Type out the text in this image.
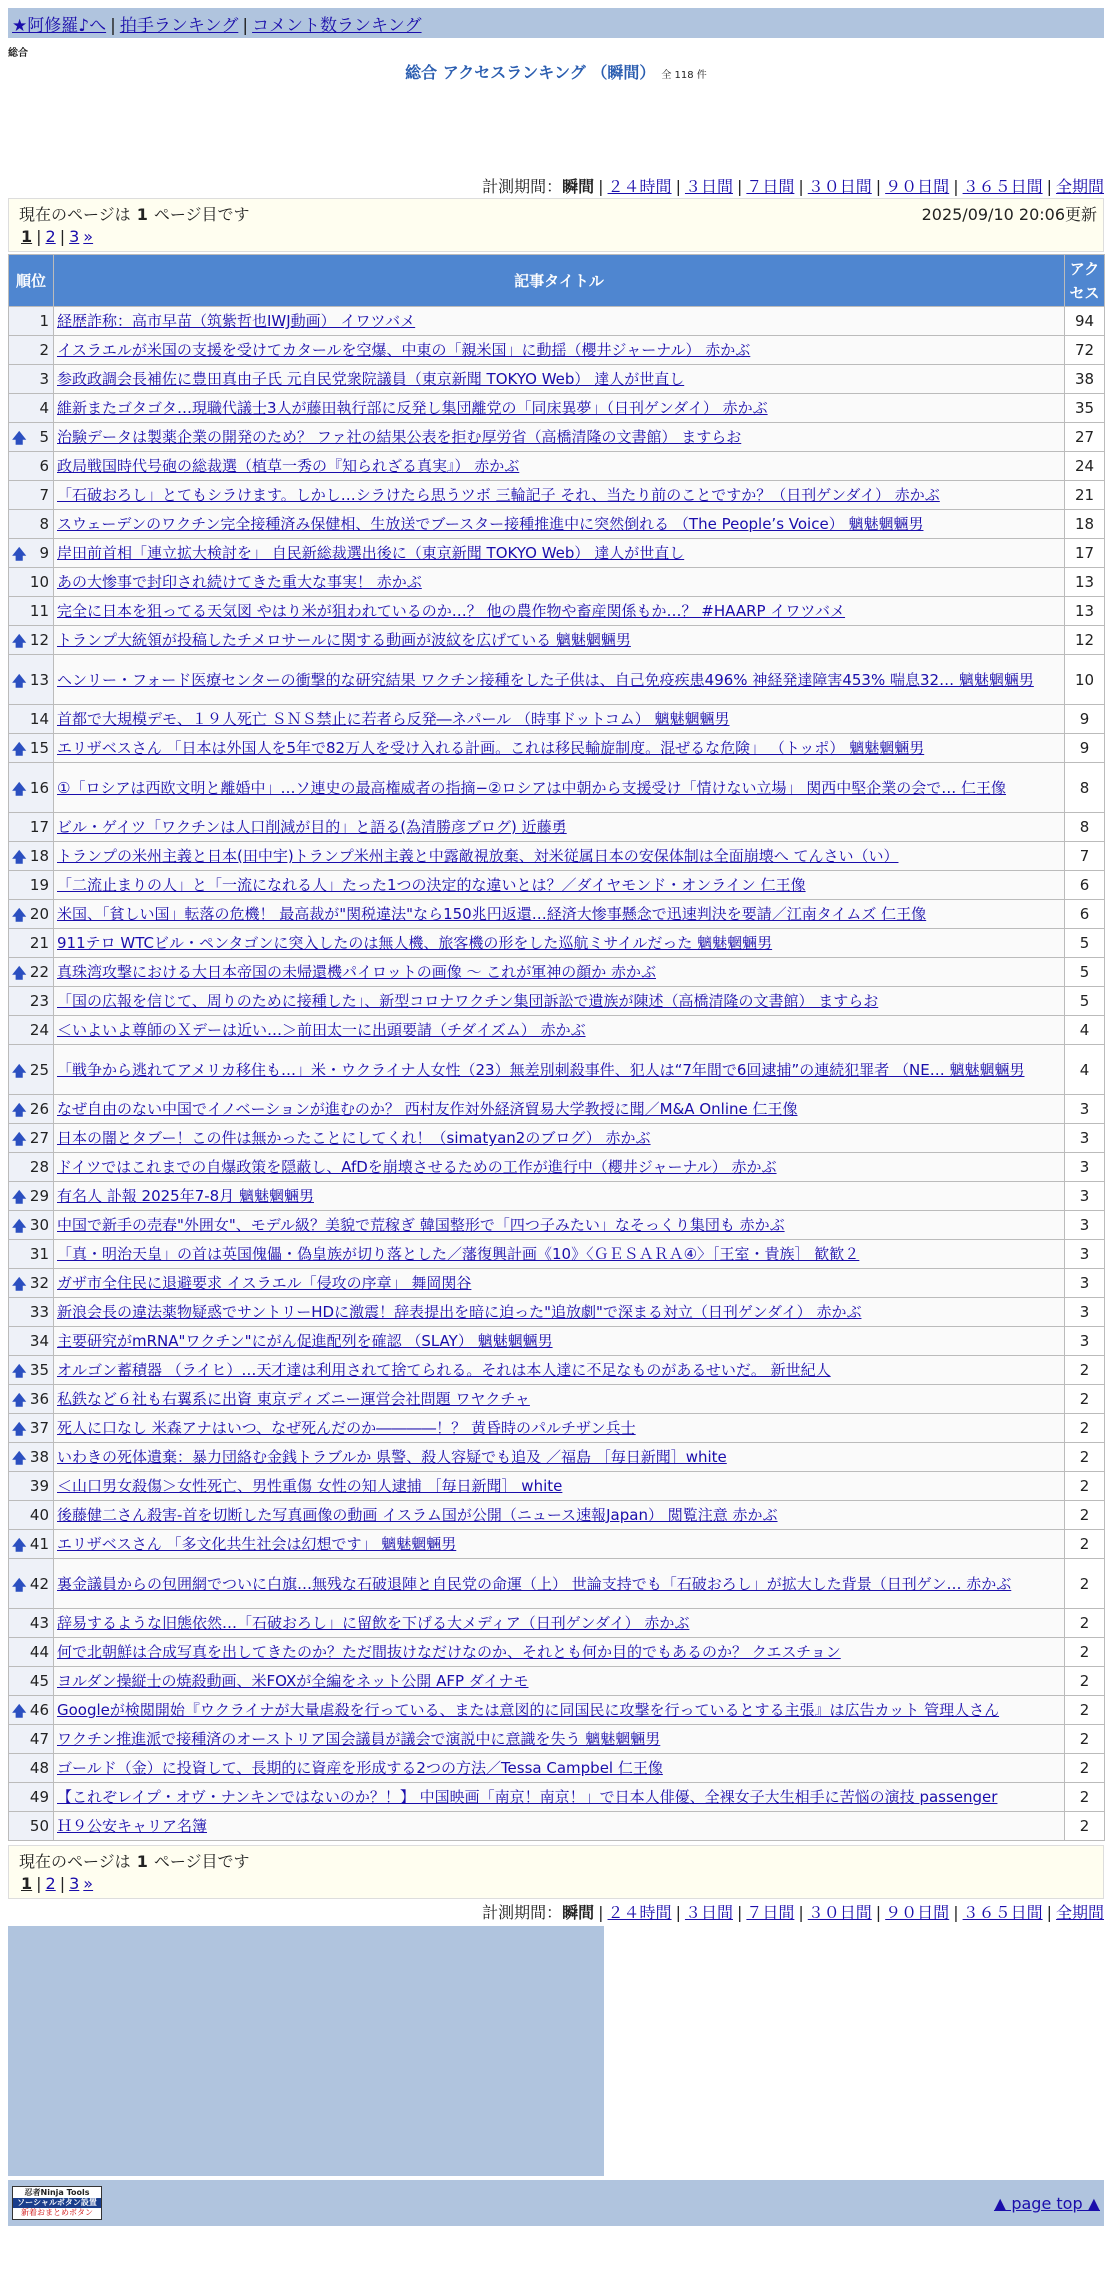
★阿修羅♪へ | 拍手ランキング | コメント数ランキング
総合
総合 アクセスランキング （瞬間） 全 118 件
計測期間：瞬間 | ２４時間 | ３日間 | ７日間 | ３０日間 | ９０日間 | ３６５日間 | 全期間
現在のページは 1 ページ目です	2025/09/10 20:06更新
1 | 2 | 3 »
順位	記事タイトル	アクセス
1	経歴詐称：高市早苗（筑紫哲也IWJ動画） イワツバメ	94
2	イスラエルが米国の支援を受けてカタールを空爆、中東の「親米国」に動揺（櫻井ジャーナル） 赤かぶ	72
3	参政政調会長補佐に豊田真由子氏 元自民党衆院議員（東京新聞 TOKYO Web） 達人が世直し	38
4	維新またゴタゴタ…現職代議士3人が藤田執行部に反発し集団離党の「同床異夢」（日刊ゲンダイ） 赤かぶ	35

🡅 5	治験データは製薬企業の開発のため？ ファ社の結果公表を拒む厚労省（高橋清隆の文書館） ますらお	27
6	政局戦国時代号砲の総裁選（植草一秀の『知られざる真実』） 赤かぶ	24
7	「石破おろし」とてもシラけます。しかし…シラけたら思うツボ 三輪記子 それ、当たり前のことですか？（日刊ゲンダイ） 赤かぶ	21
8	スウェーデンのワクチン完全接種済み保健相、生放送でブースター接種推進中に突然倒れる （The People’s Voice） 魑魅魍魎男	18

🡅 9	岸田前首相「連立拡大検討を」 自民新総裁選出後に（東京新聞 TOKYO Web） 達人が世直し	17
10	あの大惨事で封印され続けてきた重大な事実！ 赤かぶ	13
11	完全に日本を狙ってる天気図 やはり米が狙われているのか…？ 他の農作物や畜産関係もか…？ #HAARP イワツバメ	13

🡅 12	トランプ大統領が投稿したチメロサールに関する動画が波紋を広げている 魑魅魍魎男	12

🡅 13	ヘンリー・フォード医療センターの衝撃的な研究結果 ワクチン接種をした子供は、自己免疫疾患496% 神経発達障害453% 喘息32… 魑魅魍魎男	10
14	首都で大規模デモ、１９人死亡 ＳＮＳ禁止に若者ら反発―ネパール （時事ドットコム） 魑魅魍魎男	9

🡅 15	エリザベスさん 「日本は外国人を5年で82万人を受け入れる計画。これは移民輸旋制度。混ぜるな危険」 （トッポ） 魑魅魍魎男	9

🡅 16	①「ロシアは西欧文明と離婚中」…ソ連史の最高権威者の指摘−②ロシアは中朝から支援受け「情けない立場」 関西中堅企業の会で… 仁王像	8
17	ビル・ゲイツ「ワクチンは人口削減が目的」と語る(為清勝彦ブログ) 近藤勇	8

🡅 18	トランプの米州主義と日本(田中宇)トランプ米州主義と中露敵視放棄、対米従属日本の安保体制は全面崩壊へ てんさい（い）	7
19	「二流止まりの人」と「一流になれる人」たった1つの決定的な違いとは？／ダイヤモンド・オンライン 仁王像	6

🡅 20	米国、「貧しい国」転落の危機！ 最高裁が"関税違法"なら150兆円返還…経済大惨事懸念で迅速判決を要請／江南タイムズ 仁王像	6
21	911テロ WTCビル・ペンタゴンに突入したのは無人機、旅客機の形をした巡航ミサイルだった 魑魅魍魎男	5

🡅 22	真珠湾攻撃における大日本帝国の未帰還機パイロットの画像 〜 これが軍神の顔か 赤かぶ	5
23	「国の広報を信じて、周りのために接種した」、新型コロナワクチン集団訴訟で遺族が陳述（高橋清隆の文書館） ますらお	5
24	＜いよいよ尊師のＸデーは近い…＞前田太一に出頭要請（チダイズム） 赤かぶ	4

🡅 25	「戦争から逃れてアメリカ移住も…」米・ウクライナ人女性（23）無差別刺殺事件、犯人は“7年間で6回逮捕”の連続犯罪者 （NE… 魑魅魍魎男	4

🡅 26	なぜ自由のない中国でイノベーションが進むのか？ 西村友作対外経済貿易大学教授に聞／M&A Online 仁王像	3

🡅 27	日本の闇とタブー！この件は無かったことにしてくれ！（simatyan2のブログ） 赤かぶ	3
28	ドイツではこれまでの自爆政策を隠蔽し、AfDを崩壊させるための工作が進行中（櫻井ジャーナル） 赤かぶ	3

🡅 29	有名人 訃報 2025年7-8月 魑魅魍魎男	3

🡅 30	中国で新手の売春"外囲女"、モデル級？美貌で荒稼ぎ 韓国整形で「四つ子みたい」なそっくり集団も 赤かぶ	3
31	「真・明治天皇」の首は英国傀儡・偽皇族が切り落とした／藩復興計画《10》〈ＧＥＳＡＲＡ④〉［王室・貴族］ 歓歓２	3

🡅 32	ガザ市全住民に退避要求 イスラエル「侵攻の序章」 舞岡関谷	3
33	新浪会長の違法薬物疑惑でサントリーHDに激震！辞表提出を暗に迫った"追放劇"で深まる対立（日刊ゲンダイ） 赤かぶ	3
34	主要研究がmRNA"ワクチン"にがん促進配列を確認 （SLAY） 魑魅魍魎男	3

🡅 35	オルゴン蓄積器 （ライヒ）…天才達は利用されて捨てられる。それは本人達に不足なものがあるせいだ。 新世紀人	2

🡅 36	私鉄など６社も右翼系に出資 東京ディズニー運営会社問題 ワヤクチャ	2

🡅 37	死人に口なし 米森アナはいつ、なぜ死んだのか――――！？ 黄昏時のパルチザン兵士	2

🡅 38	いわきの死体遺棄：暴力団絡む金銭トラブルか 県警、殺人容疑でも追及 ／福島 ［毎日新聞］white	2
39	＜山口男女殺傷＞女性死亡、男性重傷 女性の知人逮捕 ［毎日新聞］ white	2
40	後藤健二さん殺害-首を切断した写真画像の動画 イスラム国が公開（ニュース速報Japan） 閲覧注意 赤かぶ	2

🡅 41	エリザベスさん 「多文化共生社会は幻想です」 魑魅魍魎男	2

🡅 42	裏金議員からの包囲網でついに白旗…無残な石破退陣と自民党の命運（上） 世論支持でも「石破おろし」が拡大した背景（日刊ゲン… 赤かぶ	2
43	辞易するような旧態依然…「石破おろし」に留飲を下げる大メディア（日刊ゲンダイ） 赤かぶ	2
44	何で北朝鮮は合成写真を出してきたのか？ただ間抜けなだけなのか、それとも何か目的でもあるのか？ クエスチョン	2
45	ヨルダン操縦士の焼殺動画、米FOXが全編をネット公開 AFP ダイナモ	2

🡅 46	Googleが検閲開始『ウクライナが大量虐殺を行っている、または意図的に同国民に攻撃を行っているとする主張』は広告カット 管理人さん	2
47	ワクチン推進派で接種済のオーストリア国会議員が議会で演説中に意識を失う 魑魅魍魎男	2
48	ゴールド（金）に投資して、長期的に資産を形成する2つの方法／Tessa Campbel 仁王像	2
49	【これぞレイプ・オヴ・ナンキンではないのか？！】 中国映画「南京！南京！」で日本人俳優、全裸女子大生相手に苦悩の演技 passenger	2
50	Ｈ９公安キャリア名簿	2
現在のページは 1 ページ目です
1 | 2 | 3 »
計測期間：瞬間 | ２４時間 | ３日間 | ７日間 | ３０日間 | ９０日間 | ３６５日間 | 全期間
忍者Ninja Tools
ソーシャルボタン設置
新着おまとめボタン	▲ page top ▲
